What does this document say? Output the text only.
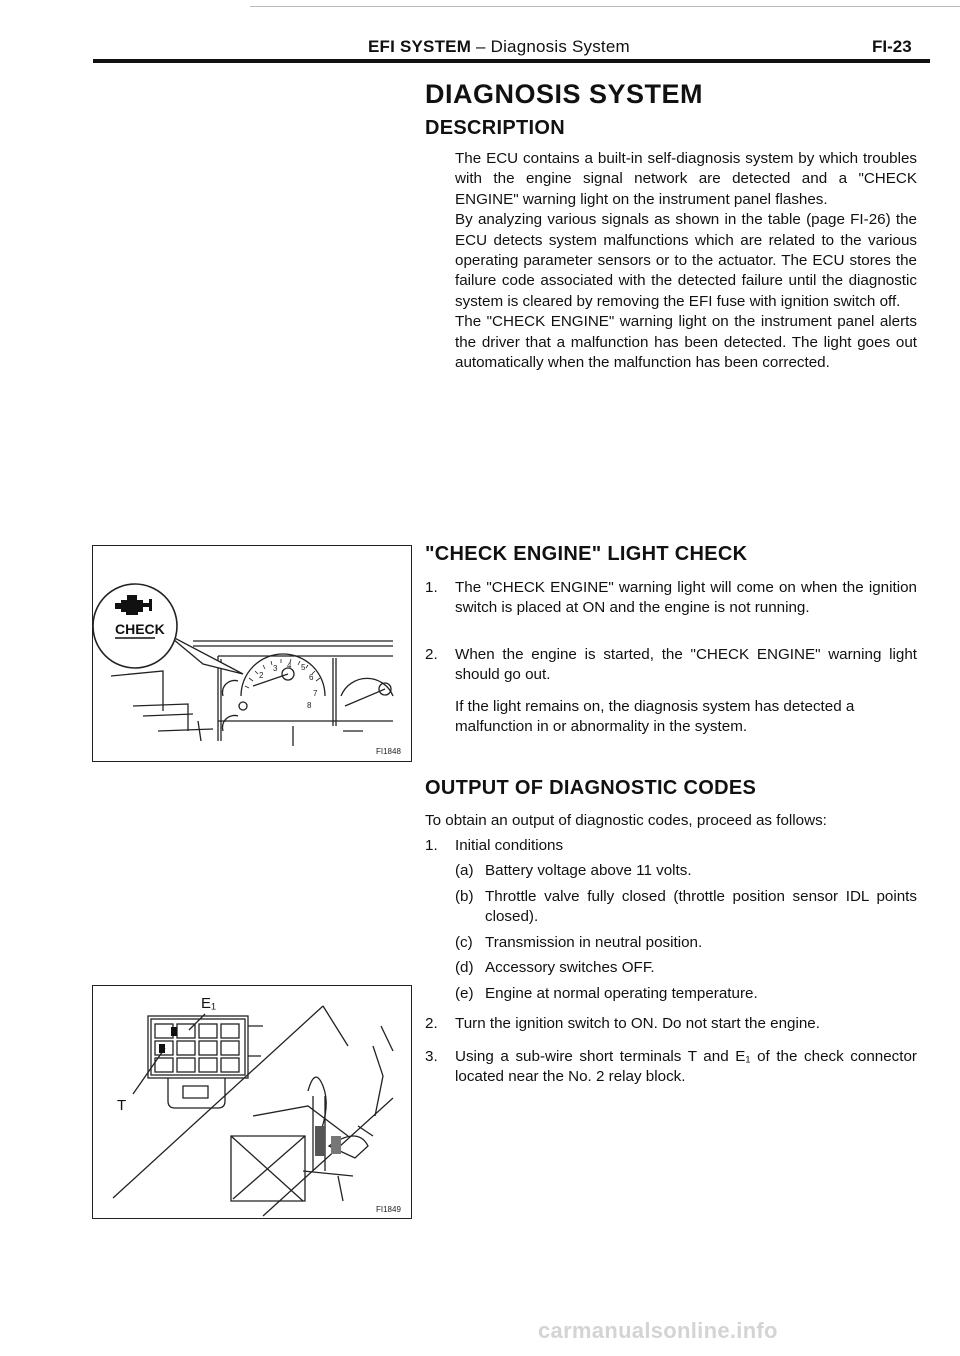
EFI SYSTEM – Diagnosis System	FI-23
DIAGNOSIS SYSTEM
DESCRIPTION

The ECU contains a built-in self-diagnosis system by which troubles with the engine signal network are detected and a "CHECK ENGINE" warning light on the instrument panel flashes.

By analyzing various signals as shown in the table (page FI-26) the ECU detects system malfunctions which are related to the various operating parameter sensors or to the actuator. The ECU stores the failure code associated with the detected failure until the diagnostic system is cleared by removing the EFI fuse with ignition switch off.

The "CHECK ENGINE" warning light on the instrument panel alerts the driver that a malfunction has been detected. The light goes out automatically when the malfunction has been corrected.

2
3 4 5
6
7
8
CHECK
FI1848
E₁
T
FI1849
"CHECK ENGINE" LIGHT CHECK
1. The "CHECK ENGINE" warning light will come on when the ignition switch is placed at ON and the engine is not running.
2. When the engine is started, the "CHECK ENGINE" warning light should go out.
If the light remains on, the diagnosis system has detected a malfunction in or abnormality in the system.
OUTPUT OF DIAGNOSTIC CODES
To obtain an output of diagnostic codes, proceed as follows:
1. Initial conditions
(a) Battery voltage above 11 volts.
(b) Throttle valve fully closed (throttle position sensor IDL points closed).
(c) Transmission in neutral position.
(d) Accessory switches OFF.
(e) Engine at normal operating temperature.
2. Turn the ignition switch to ON. Do not start the engine.
3. Using a sub-wire short terminals T and E₁ of the check connector located near the No. 2 relay block.
carmanualsonline.info
